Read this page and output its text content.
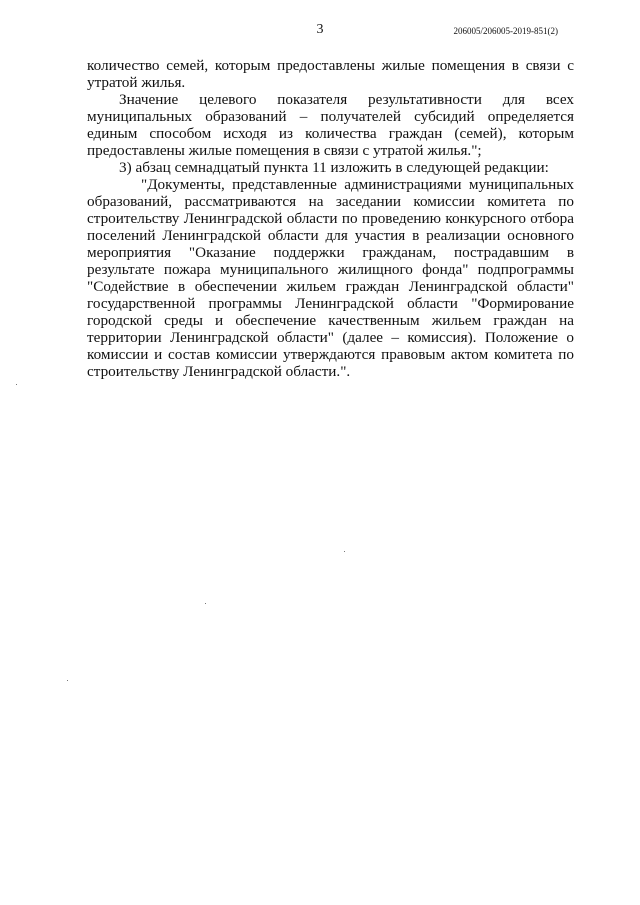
3	206005/206005-2019-851(2)

количество семей, которым предоставлены жилые помещения в связи с утратой жилья.

Значение целевого показателя результативности для всех муниципальных образований – получателей субсидий определяется единым способом исходя из количества граждан (семей), которым предоставлены жилые помещения в связи с утратой жилья.";

3) абзац семнадцатый пункта 11 изложить в следующей редакции:

"Документы, представленные администрациями муниципальных образований, рассматриваются на заседании комиссии комитета по строительству Ленинградской области по проведению конкурсного отбора поселений Ленинградской области для участия в реализации основного мероприятия "Оказание поддержки гражданам, пострадавшим в результате пожара муниципального жилищного фонда" подпрограммы "Содействие в обеспечении жильем граждан Ленинградской области" государственной программы Ленинградской области "Формирование городской среды и обеспечение качественным жильем граждан на территории Ленинградской области" (далее – комиссия). Положение о комиссии и состав комиссии утверждаются правовым актом комитета по строительству Ленинградской области.".
